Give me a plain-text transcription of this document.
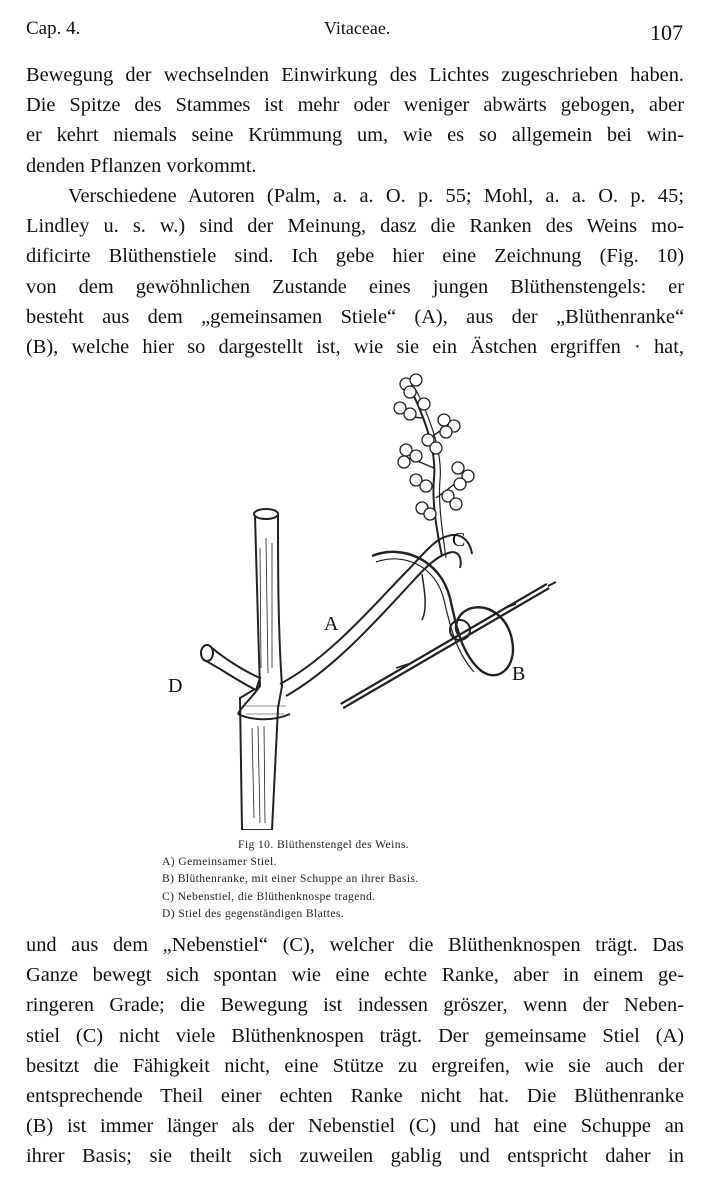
Cap. 4.	Vitaceae.	107
Bewegung der wechselnden Einwirkung des Lichtes zugeschrieben haben.
Die Spitze des Stammes ist mehr oder weniger abwärts gebogen, aber
er kehrt niemals seine Krümmung um, wie es so allgemein bei win-
denden Pflanzen vorkommt.
Verschiedene Autoren (Palm, a. a. O. p. 55; Mohl, a. a. O. p. 45;
Lindley u. s. w.) sind der Meinung, dasz die Ranken des Weins mo-
dificirte Blüthenstiele sind. Ich gebe hier eine Zeichnung (Fig. 10)
von dem gewöhnlichen Zustande eines jungen Blüthenstengels: er
besteht aus dem „gemeinsamen Stiele“ (A), aus der „Blüthenranke“
(B), welche hier so dargestellt ist, wie sie ein Ästchen ergriffen · hat,
A
B
C
D
Fig 10. Blüthenstengel des Weins.
A) Gemeinsamer Stiel.
B) Blüthenranke, mit einer Schuppe an ihrer Basis.
C) Nebenstiel, die Blüthenknospe tragend.
D) Stiel des gegenständigen Blattes.
und aus dem „Nebenstiel“ (C), welcher die Blüthenknospen trägt. Das
Ganze bewegt sich spontan wie eine echte Ranke, aber in einem ge-
ringeren Grade; die Bewegung ist indessen gröszer, wenn der Neben-
stiel (C) nicht viele Blüthenknospen trägt. Der gemeinsame Stiel (A)
besitzt die Fähigkeit nicht, eine Stütze zu ergreifen, wie sie auch der
entsprechende Theil einer echten Ranke nicht hat. Die Blüthenranke
(B) ist immer länger als der Nebenstiel (C) und hat eine Schuppe an
ihrer Basis; sie theilt sich zuweilen gablig und entspricht daher in
